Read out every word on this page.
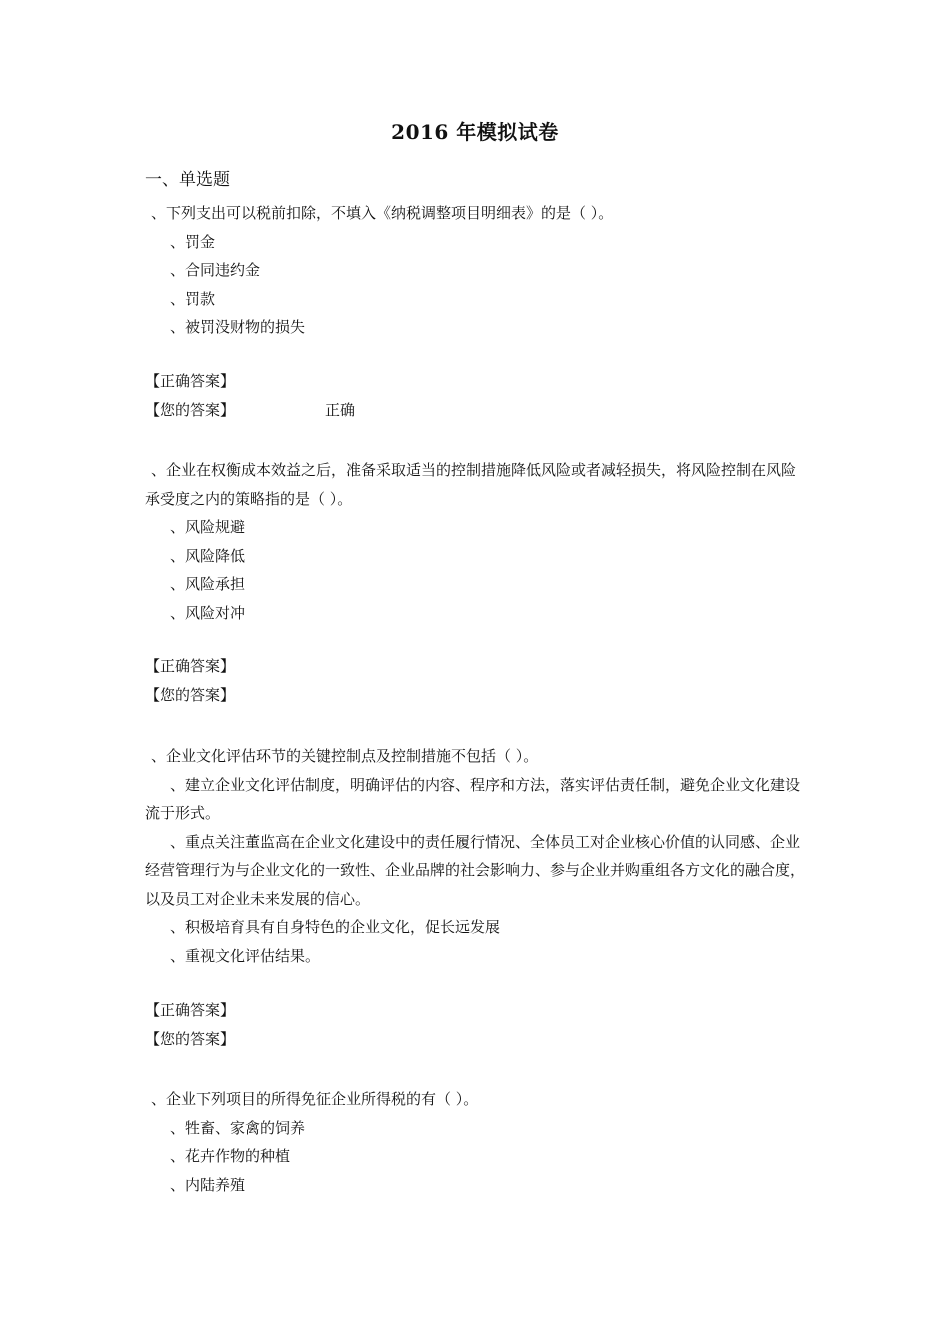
2016 年模拟试卷
一、单选题
、下列支出可以税前扣除，不填入《纳税调整项目明细表》的是（ ）。
、罚金
、合同违约金
、罚款
、被罚没财物的损失
【正确答案】
【您的答案】	正确
、企业在权衡成本效益之后，准备采取适当的控制措施降低风险或者减轻损失，将风险控制在风险承受度之内的策略指的是（ ）。
、风险规避
、风险降低
、风险承担
、风险对冲
【正确答案】
【您的答案】
、企业文化评估环节的关键控制点及控制措施不包括（ ）。
、建立企业文化评估制度，明确评估的内容、程序和方法，落实评估责任制，避免企业文化建设流于形式。
、重点关注董监高在企业文化建设中的责任履行情况、全体员工对企业核心价值的认同感、企业经营管理行为与企业文化的一致性、企业品牌的社会影响力、参与企业并购重组各方文化的融合度，以及员工对企业未来发展的信心。
、积极培育具有自身特色的企业文化，促长远发展
、重视文化评估结果。
【正确答案】
【您的答案】
、企业下列项目的所得免征企业所得税的有（ ）。
、牲畜、家禽的饲养
、花卉作物的种植
、内陆养殖
